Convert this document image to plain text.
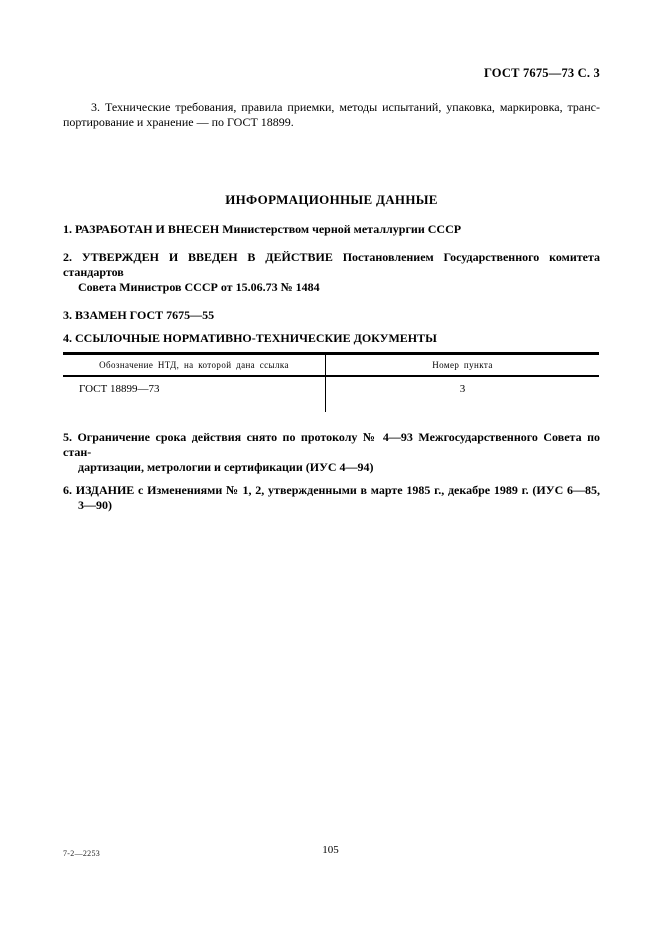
ГОСТ 7675—73 С. 3
3. Технические требования, правила приемки, методы испытаний, упаковка, маркировка, транс-
портирование и хранение — по ГОСТ 18899.
ИНФОРМАЦИОННЫЕ ДАННЫЕ
1. РАЗРАБОТАН И ВНЕСЕН Министерством черной металлургии СССР
2. УТВЕРЖДЕН И ВВЕДЕН В ДЕЙСТВИЕ Постановлением Государственного комитета стандартов
Совета Министров СССР от 15.06.73 № 1484
3. ВЗАМЕН ГОСТ 7675—55
4. ССЫЛОЧНЫЕ НОРМАТИВНО-ТЕХНИЧЕСКИЕ ДОКУМЕНТЫ
Обозначение НТД, на которой дана ссылка	Номер пункта
ГОСТ 18899—73	3
5. Ограничение срока действия снято по протоколу № 4—93 Межгосударственного Совета по стан-
дартизации, метрологии и сертификации (ИУС 4—94)
6. ИЗДАНИЕ с Изменениями № 1, 2, утвержденными в марте 1985 г., декабре 1989 г. (ИУС 6—85,
3—90)
7-2—2253	105
